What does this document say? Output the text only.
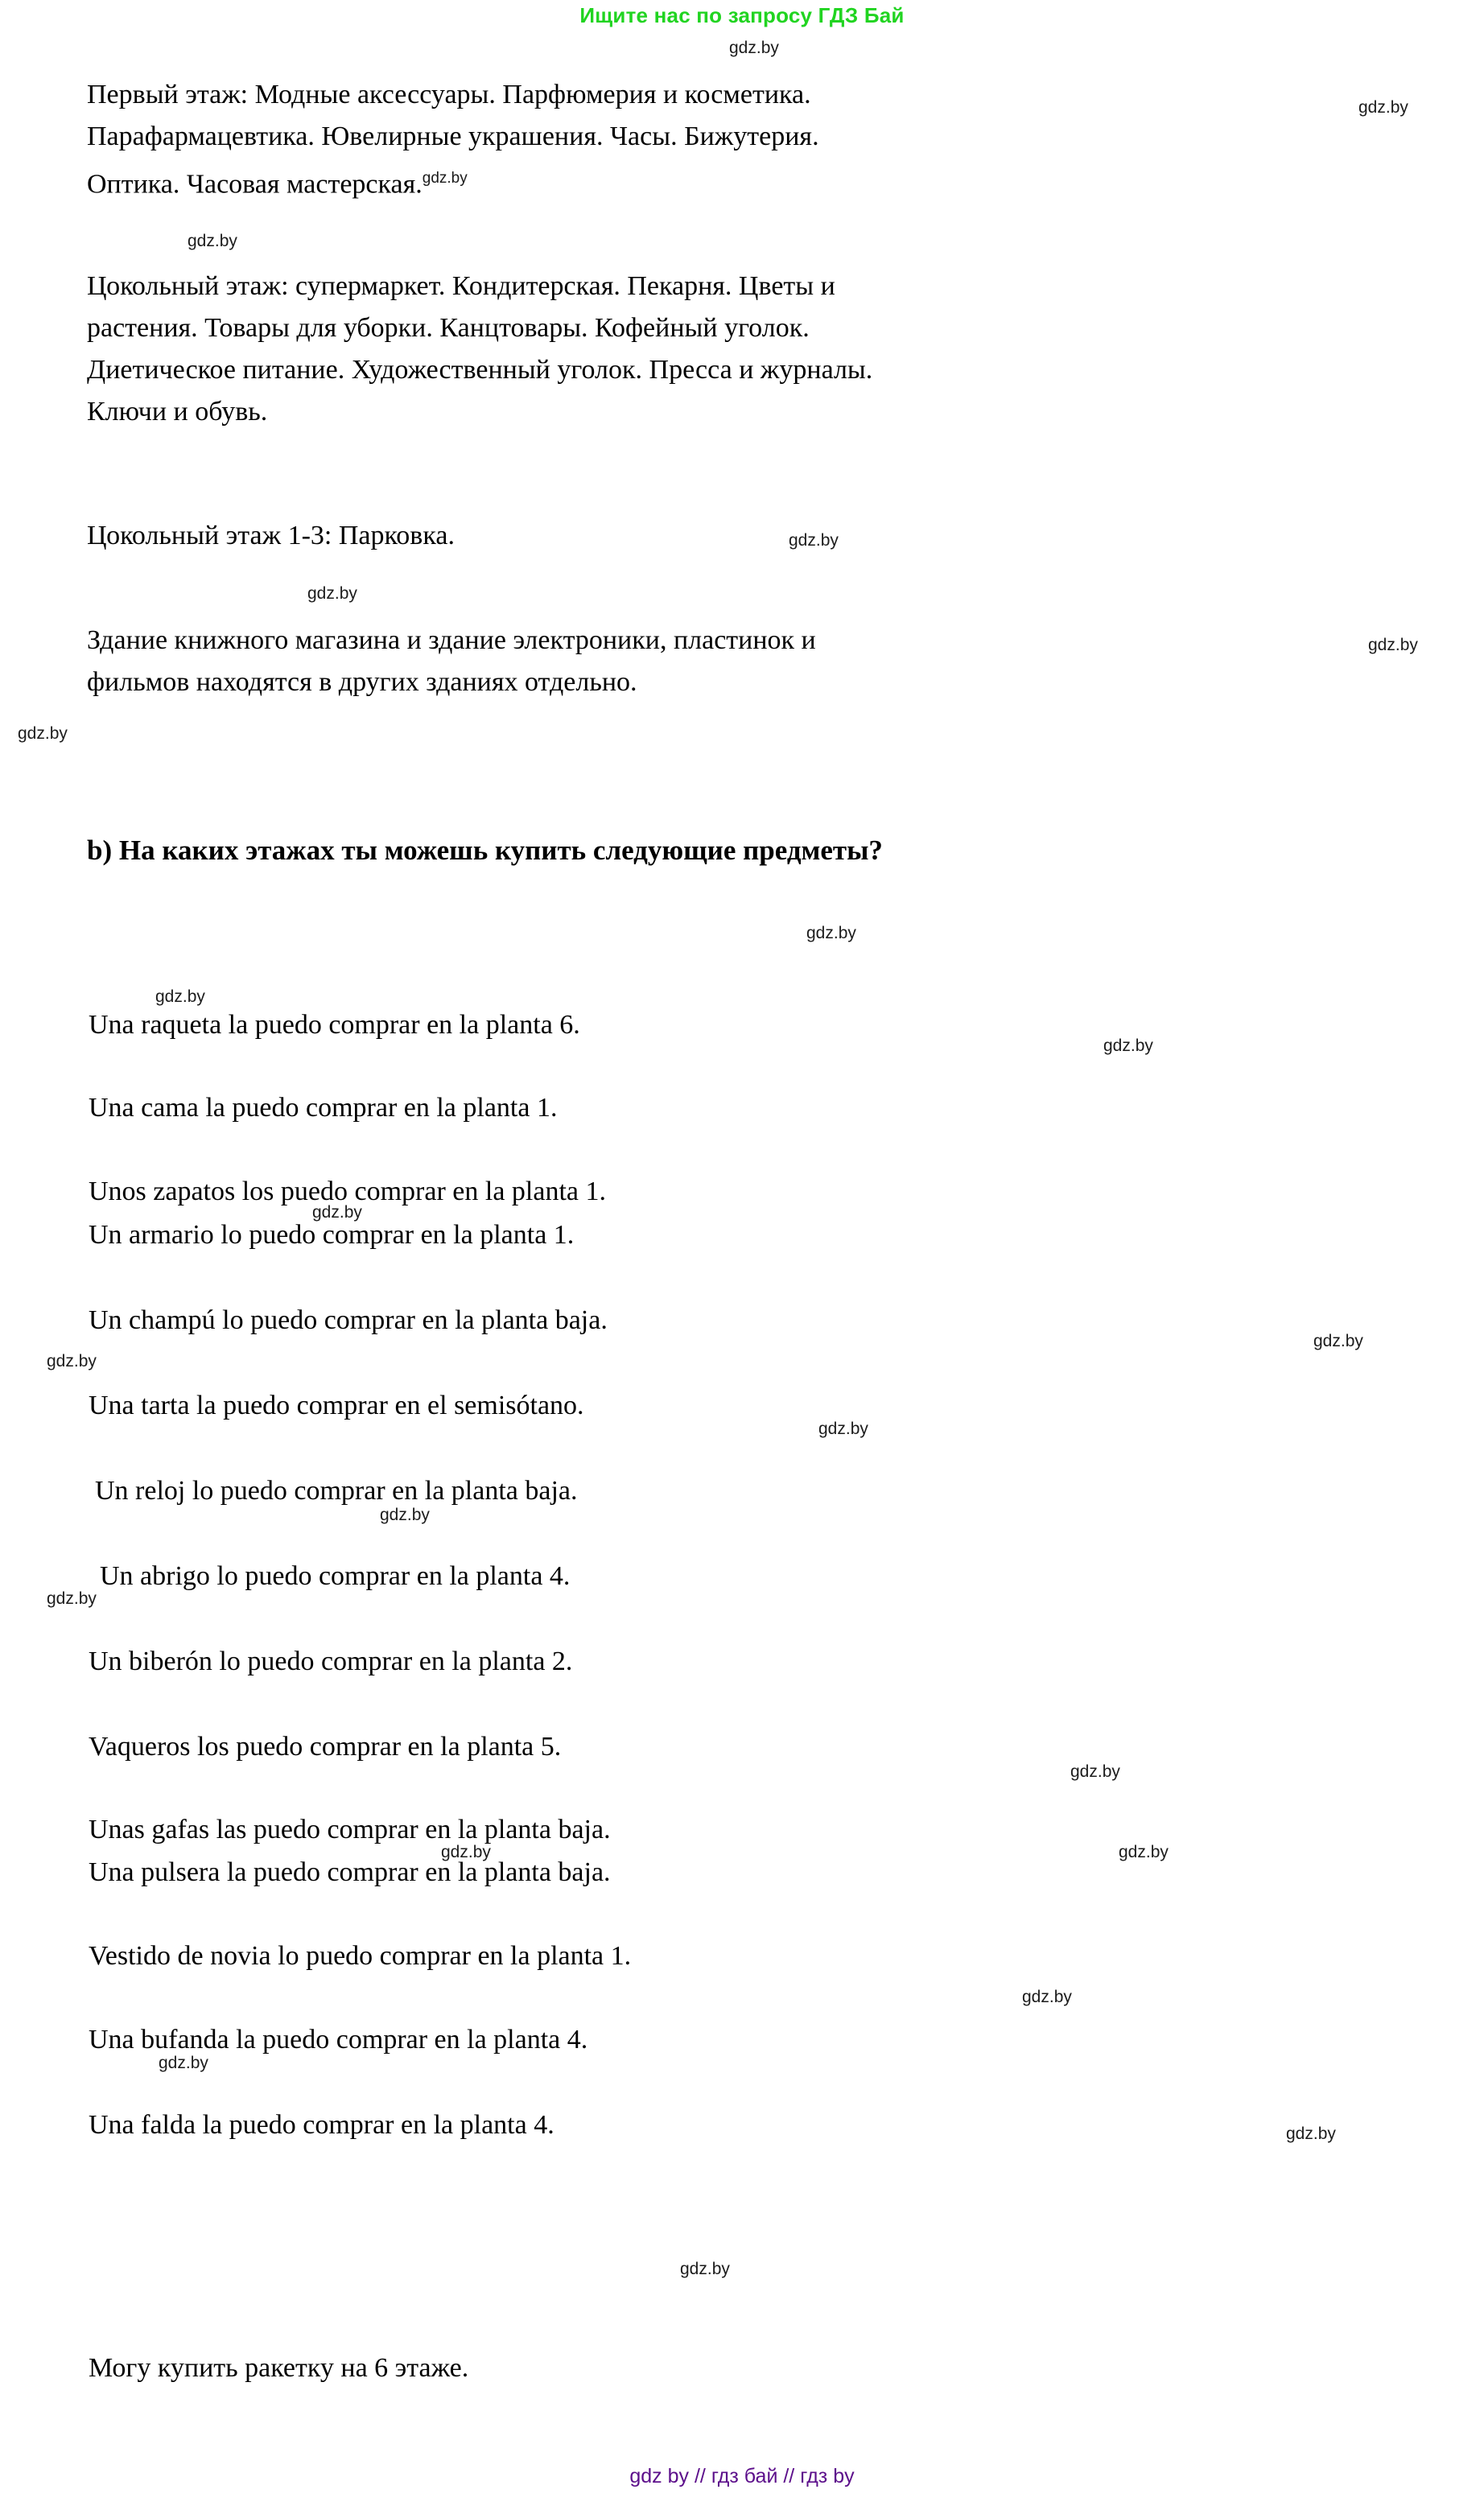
Ищите нас по запросу ГДЗ Бай
gdz.by
Первый этаж: Модные аксессуары. Парфюмерия и косметика.
Парафармацевтика. Ювелирные украшения. Часы. Бижутерия.
Оптика. Часовая мастерская.$^{gdz.by}$
gdz.by
gdz.by
Цокольный этаж: супермаркет. Кондитерская. Пекарня. Цветы и
растения. Товары для уборки. Канцтовары. Кофейный уголок.
Диетическое питание. Художественный уголок. Пресса и журналы.
Ключи и обувь.
Цокольный этаж 1-3: Парковка.	gdz.by
gdz.by
Здание книжного магазина и здание электроники, пластинок и
фильмов находятся в других зданиях отдельно.
gdz.by
gdz.by
b) На каких этажах ты можешь купить следующие предметы?
gdz.by
gdz.by
Una raqueta la puedo comprar en la planta 6.
gdz.by
Una cama la puedo comprar en la planta 1.
Unos zapatos los puedo comprar en la planta 1.
gdz.by
Un armario lo puedo comprar en la planta 1.
Un champú lo puedo comprar en la planta baja.
gdz.by
gdz.by
Una tarta la puedo comprar en el semisótano.
gdz.by
Un reloj lo puedo comprar en la planta baja.
gdz.by
Un abrigo lo puedo comprar en la planta 4.
gdz.by
Un biberón lo puedo comprar en la planta 2.
Vaqueros los puedo comprar en la planta 5.
gdz.by
Unas gafas las puedo comprar en la planta baja.
gdz.by
Una pulsera la puedo comprar en la planta baja.
gdz.by
Vestido de novia lo puedo comprar en la planta 1.
gdz.by
Una bufanda la puedo comprar en la planta 4.
gdz.by
Una falda la puedo comprar en la planta 4.	gdz.by
gdz.by
Могу купить ракетку на 6 этаже.
gdz by // гдз бай // гдз by
